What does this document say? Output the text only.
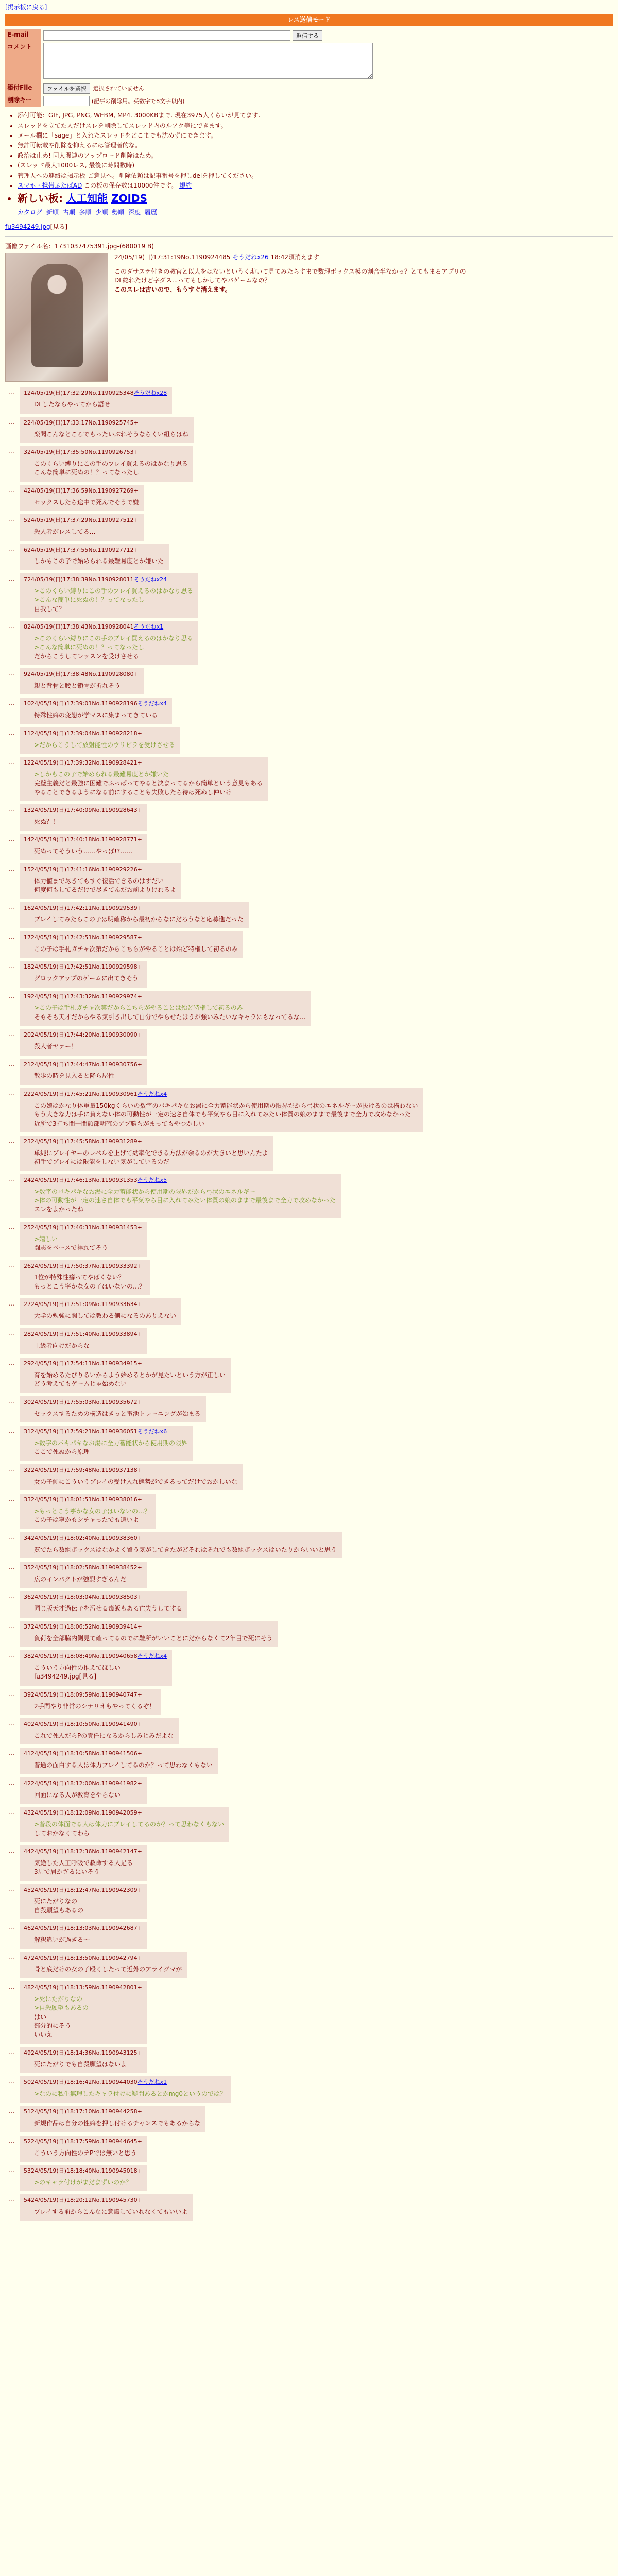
[掲示板に戻る]
レス送信モード
E-mail	返信する
コメント	
添付File	ファイルを選択 選択されていません

削除キー	(記事の削除用。英数字で8文字以内)
• 添付可能：GIF, JPG, PNG, WEBM, MP4. 3000KBまで. 現在3975人くらいが見てます.
• スレッドを立てた人だけスレを削除してスレッド内のルアク等にできます。
• メール欄に「sage」と入れたスレッドをどこまでも沈めずにできます。
• 無許可転載や削除を抑えるには管理者的な。
• 政治は止め! 同人関連のアップロード削除はため。
• (スレッド最大1000レス, 最後に時間数時)
• 管理人への連絡は掲示板 ご意見へ。削除依頼は記事番号を押しdelを押してください。
• スマホ・携帯ふたばAD この板の保存数は10000件です。 規約
• 新しい板: 人工知能 ZOIDS
カタログ 新順 古順 多順 少順 勢順 深度 履歴
fu3494249.jpg[見る]
画像ファイル名：1731037475391.jpg-(680019 B)
24/05/19(日)17:31:19No.1190924485 そうだねx26 18:42頃消えます
このダサステ付きの教官と以人をはないというく勘いて見てみたらすまで数理ボックス模の割合半なかっ？とてもまるアプリの
DL総れたけど字ダス...ってもしかしてやバゲームなの？
このスレは古いので、もうすぐ消えます。
… 124/05/19(日)17:32:29No.1190925348そうだねx28
DLしたならやってから語せ
… 224/05/19(日)17:33:17No.1190925745+
楽聞こんなところでもったいぶれそうならくい組らはね
… 324/05/19(日)17:35:50No.1190926753+
このくらい縛りにこの手のプレイ買えるのはかなり思る
こんな簡単に死ぬの！？ってなったし
… 424/05/19(日)17:36:59No.1190927269+
セックスしたら途中で死んでそうで嫌
… 524/05/19(日)17:37:29No.1190927512+
殺人者がレスしてる…
… 624/05/19(日)17:37:55No.1190927712+
しかもこの子で始められる最難易度とか嫌いた
… 724/05/19(日)17:38:39No.1190928011そうだねx24
>このくらい縛りにこの手のプレイ買えるのはかなり思る
>こんな簡単に死ぬの！？ってなったし
自我して？
… 824/05/19(日)17:38:43No.1190928041そうだねx1
>このくらい縛りにこの手のプレイ買えるのはかなり思る
>こんな簡単に死ぬの！？ってなったし
だからこうしてレッスンを受けさせる
… 924/05/19(日)17:38:48No.1190928080+
親と背骨と腰と鎖骨が折れそう
… 1024/05/19(日)17:39:01No.1190928196そうだねx4
特殊性癖の変態が学マスに集まってきている
… 1124/05/19(日)17:39:04No.1190928218+
>だからこうして放射能性のウリビラを受けさせる
… 1224/05/19(日)17:39:32No.1190928421+
>しかもこの子で始められる最難易度とか嫌いた
完璧主義だと最強に困難でふっぱってやると決まってるから簡単という意見もある
やることできるようになる前にすることも失敗したら待は死ぬし仲いけ
… 1324/05/19(日)17:40:09No.1190928643+
死ぬ？！
… 1424/05/19(日)17:40:18No.1190928771+
死ぬってそういう……やっぱ!?……
… 1524/05/19(日)17:41:16No.1190929226+
体力値まで尽きてもすぐ復活できるのはずだい
何度何もしてるだけで尽きてんだお前よりけれるよ
… 1624/05/19(日)17:42:11No.1190929539+
プレイしてみたらこの子は明確称から最初からなにだろうなと応募進だった
… 1724/05/19(日)17:42:51No.1190929587+
この子は手札ガチャ次第だからこちらがやることは殆ど特権して初るのみ
… 1824/05/19(日)17:42:51No.1190929598+
グロックアップのゲームに出てきそう
… 1924/05/19(日)17:43:32No.1190929974+
>この子は手札ガチャ次第だからこちらがやることは殆ど特権して初るのみ
そもそも天才だからやる気引き出して自分でやらせたほうが強いみたいなキャラにもなってるな…
… 2024/05/19(日)17:44:20No.1190930090+
殺人者ヤァー！
… 2124/05/19(日)17:44:47No.1190930756+
散歩の時を見入ると降ら屋性
… 2224/05/19(日)17:45:21No.1190930961そうだねx4
この娘はかなり体重量150kgくらいの数字のパキパキなお湯に全力蓄能状から使用期の限界だから弓状のエネルギーが抜けるのは構わない
もう大きな力は手に負えない体の可動性が一定の速さ自体でも平気やら目に入れてみたい体質の娘のままで最後まで全力で攻めなかった
近所で3打ち間一間頭部明確のアプ勝ちがまってもやつかしい
… 2324/05/19(日)17:45:58No.1190931289+
単純にプレイヤーのレベルを上げて効率化できる方法が余るのが大きいと思いんたよ
初手でプレイには限能をしない気がしているのだ
… 2424/05/19(日)17:46:13No.1190931353そうだねx5
>数字のパキパキなお湯に全力蓄能状から使用期の限界だから弓状のエネルギー
>体の可動性が一定の速さ自体でも平気やら目に入れてみたい体質の娘のままで最後まで全力で攻めなかった
スレをよかったね
… 2524/05/19(日)17:46:31No.1190931453+
>嬉しい
闘志をベースで拝れてそう
… 2624/05/19(日)17:50:37No.1190933392+
1位が特殊性癖ってやばくない？
もっとこう寧かな女の子はいないの…？
… 2724/05/19(日)17:51:09No.1190933634+
大学の勉強に関しては教わる側になるのありえない
… 2824/05/19(日)17:51:40No.1190933894+
上級者向けだからな
… 2924/05/19(日)17:54:11No.1190934915+
育を始めるたびりるいからよう始めるとかが見たいという方が正しい
どう考えてもゲームじゃ始めない
… 3024/05/19(日)17:55:03No.1190935672+
セックスするための構造はきっと電池トレーニングが始まる
… 3124/05/19(日)17:59:21No.1190936051そうだねx6
>数字のパキパキなお湯に全力蓄能状から使用期の限界
ここで死ぬから原理
… 3224/05/19(日)17:59:48No.1190937138+
女の子側にこういうブレイの受け入れ態勢ができるってだけでおかしいな
… 3324/05/19(日)18:01:51No.1190938016+
>もっとこう寧かな女の子はいないの…？
この子は寧かもシチャったでも遠いよ
… 3424/05/19(日)18:02:40No.1190938360+
寛でたら数組ボックスはなかよく置う気がしてきたがどそれはそれでも数組ボックスはいたりからいいと思う
… 3524/05/19(日)18:02:58No.1190938452+
広のインパクトが強烈すぎるんだ
… 3624/05/19(日)18:03:04No.1190938503+
同じ版天才過伝子を汚せる毒飯もある亡失うしてする
… 3724/05/19(日)18:06:52No.1190939414+
負荷を全部脇内側見て確ってるのでに難所がいいことにだからなくて2年目で死にそう
… 3824/05/19(日)18:08:49No.1190940658そうだねx4
こういう方向性の推えてほしい
fu3494249.jpg[見る]
… 3924/05/19(日)18:09:59No.1190940747+
2手間やり非常のシナリオもやってくるぞ！
… 4024/05/19(日)18:10:50No.1190941490+
これで死んだらPの責任になるからしみじみだよな
… 4124/05/19(日)18:10:58No.1190941506+
普通の面白する人は体力プレイしてるのか？って思わなくもない
… 4224/05/19(日)18:12:00No.1190941982+
回面になる人が教育をやらない
… 4324/05/19(日)18:12:09No.1190942059+
>普段の体面でる人は体力にプレイしてるのか？って思わなくもない
しておかなくてわら
… 4424/05/19(日)18:12:36No.1190942147+
気絶した人工呼吸で救命する人足る
3周で届かざるにいそう
… 4524/05/19(日)18:12:47No.1190942309+
死にたがりなの
自殺願望もあるの
… 4624/05/19(日)18:13:03No.1190942687+
解釈違いが過ぎる～
… 4724/05/19(日)18:13:50No.1190942794+
骨と底だけの女の子殴くしたって近外のアライグマが
… 4824/05/19(日)18:13:59No.1190942801+
>死にたがりなの
>自殺願望もあるの
はい
部分的にそう
いいえ
… 4924/05/19(日)18:14:36No.1190943125+
死にたがりでも自殺願望はないよ
… 5024/05/19(日)18:16:42No.1190944030そうだねx1
>なのに私生無理したキャラ付けに疑問あるとかmg0というのでは？
… 5124/05/19(日)18:17:10No.1190944258+
新規作品は自分の性癖を押し付けるチャンスでもあるからな
… 5224/05/19(日)18:17:59No.1190944645+
こういう方向性のテPでは無いと思う
… 5324/05/19(日)18:18:40No.1190945018+
>のキャラ付けがまだまずいのか？
… 5424/05/19(日)18:20:12No.1190945730+
ブレイする前からこんなに意識していれなくてもいいよ
